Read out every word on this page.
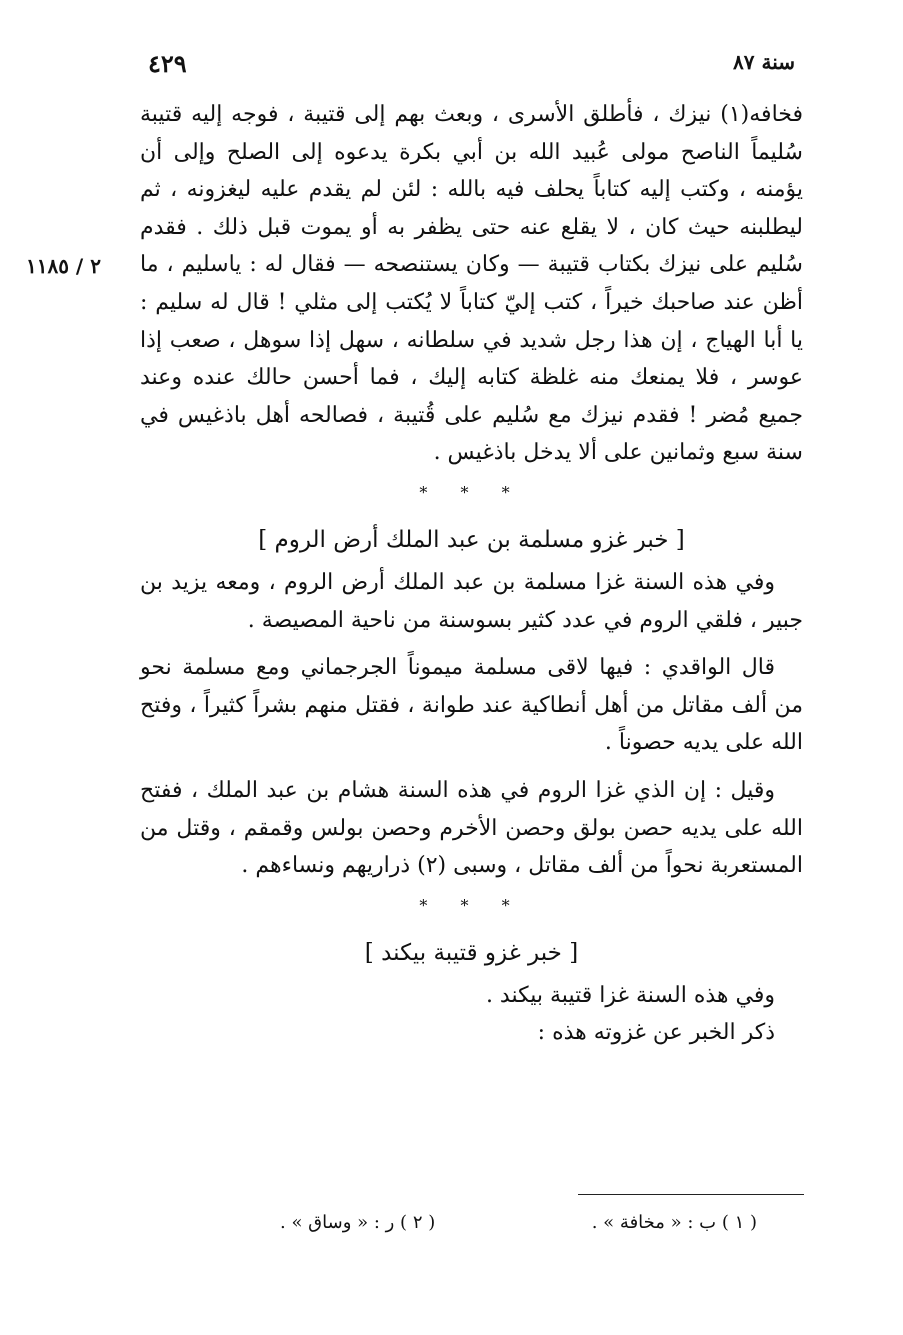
٤٢٩	سنة ٨٧
٢ / ١١٨٥

فخافه(١) نيزك ، فأطلق الأسرى ، وبعث بهم إلى قتيبة ، فوجه إليه قتيبة سُليماً الناصح مولى عُبيد الله بن أبي بكرة يدعوه إلى الصلح وإلى أن يؤمنه ، وكتب إليه كتاباً يحلف فيه بالله : لئن لم يقدم عليه ليغزونه ، ثم ليطلبنه حيث كان ، لا يقلع عنه حتى يظفر به أو يموت قبل ذلك . فقدم سُليم على نيزك بكتاب قتيبة — وكان يستنصحه — فقال له : ياسليم ، ما أظن عند صاحبك خيراً ، كتب إليّ كتاباً لا يُكتب إلى مثلي ! قال له سليم : يا أبا الهياج ، إن هذا رجل شديد في سلطانه ، سهل إذا سوهل ، صعب إذا عوسر ، فلا يمنعك منه غلظة كتابه إليك ، فما أحسن حالك عنده وعند جميع مُضر ! فقدم نيزك مع سُليم على قُتيبة ، فصالحه أهل باذغيس في سنة سبع وثمانين على ألا يدخل باذغيس .

* * *
[ خبر غزو مسلمة بن عبد الملك أرض الروم ]

وفي هذه السنة غزا مسلمة بن عبد الملك أرض الروم ، ومعه يزيد بن جبير ، فلقي الروم في عدد كثير بسوسنة من ناحية المصيصة .

قال الواقدي : فيها لاقى مسلمة ميموناً الجرجماني ومع مسلمة نحو من ألف مقاتل من أهل أنطاكية عند طوانة ، فقتل منهم بشراً كثيراً ، وفتح الله على يديه حصوناً .

وقيل : إن الذي غزا الروم في هذه السنة هشام بن عبد الملك ، ففتح الله على يديه حصن بولق وحصن الأخرم وحصن بولس وقمقم ، وقتل من المستعربة نحواً من ألف مقاتل ، وسبى (٢) ذراريهم ونساءهم .

* * *
[ خبر غزو قتيبة بيكند ]

وفي هذه السنة غزا قتيبة بيكند .

ذكر الخبر عن غزوته هذه :

( ١ ) ب : « مخافة » .
( ٢ ) ر : « وساق » .
